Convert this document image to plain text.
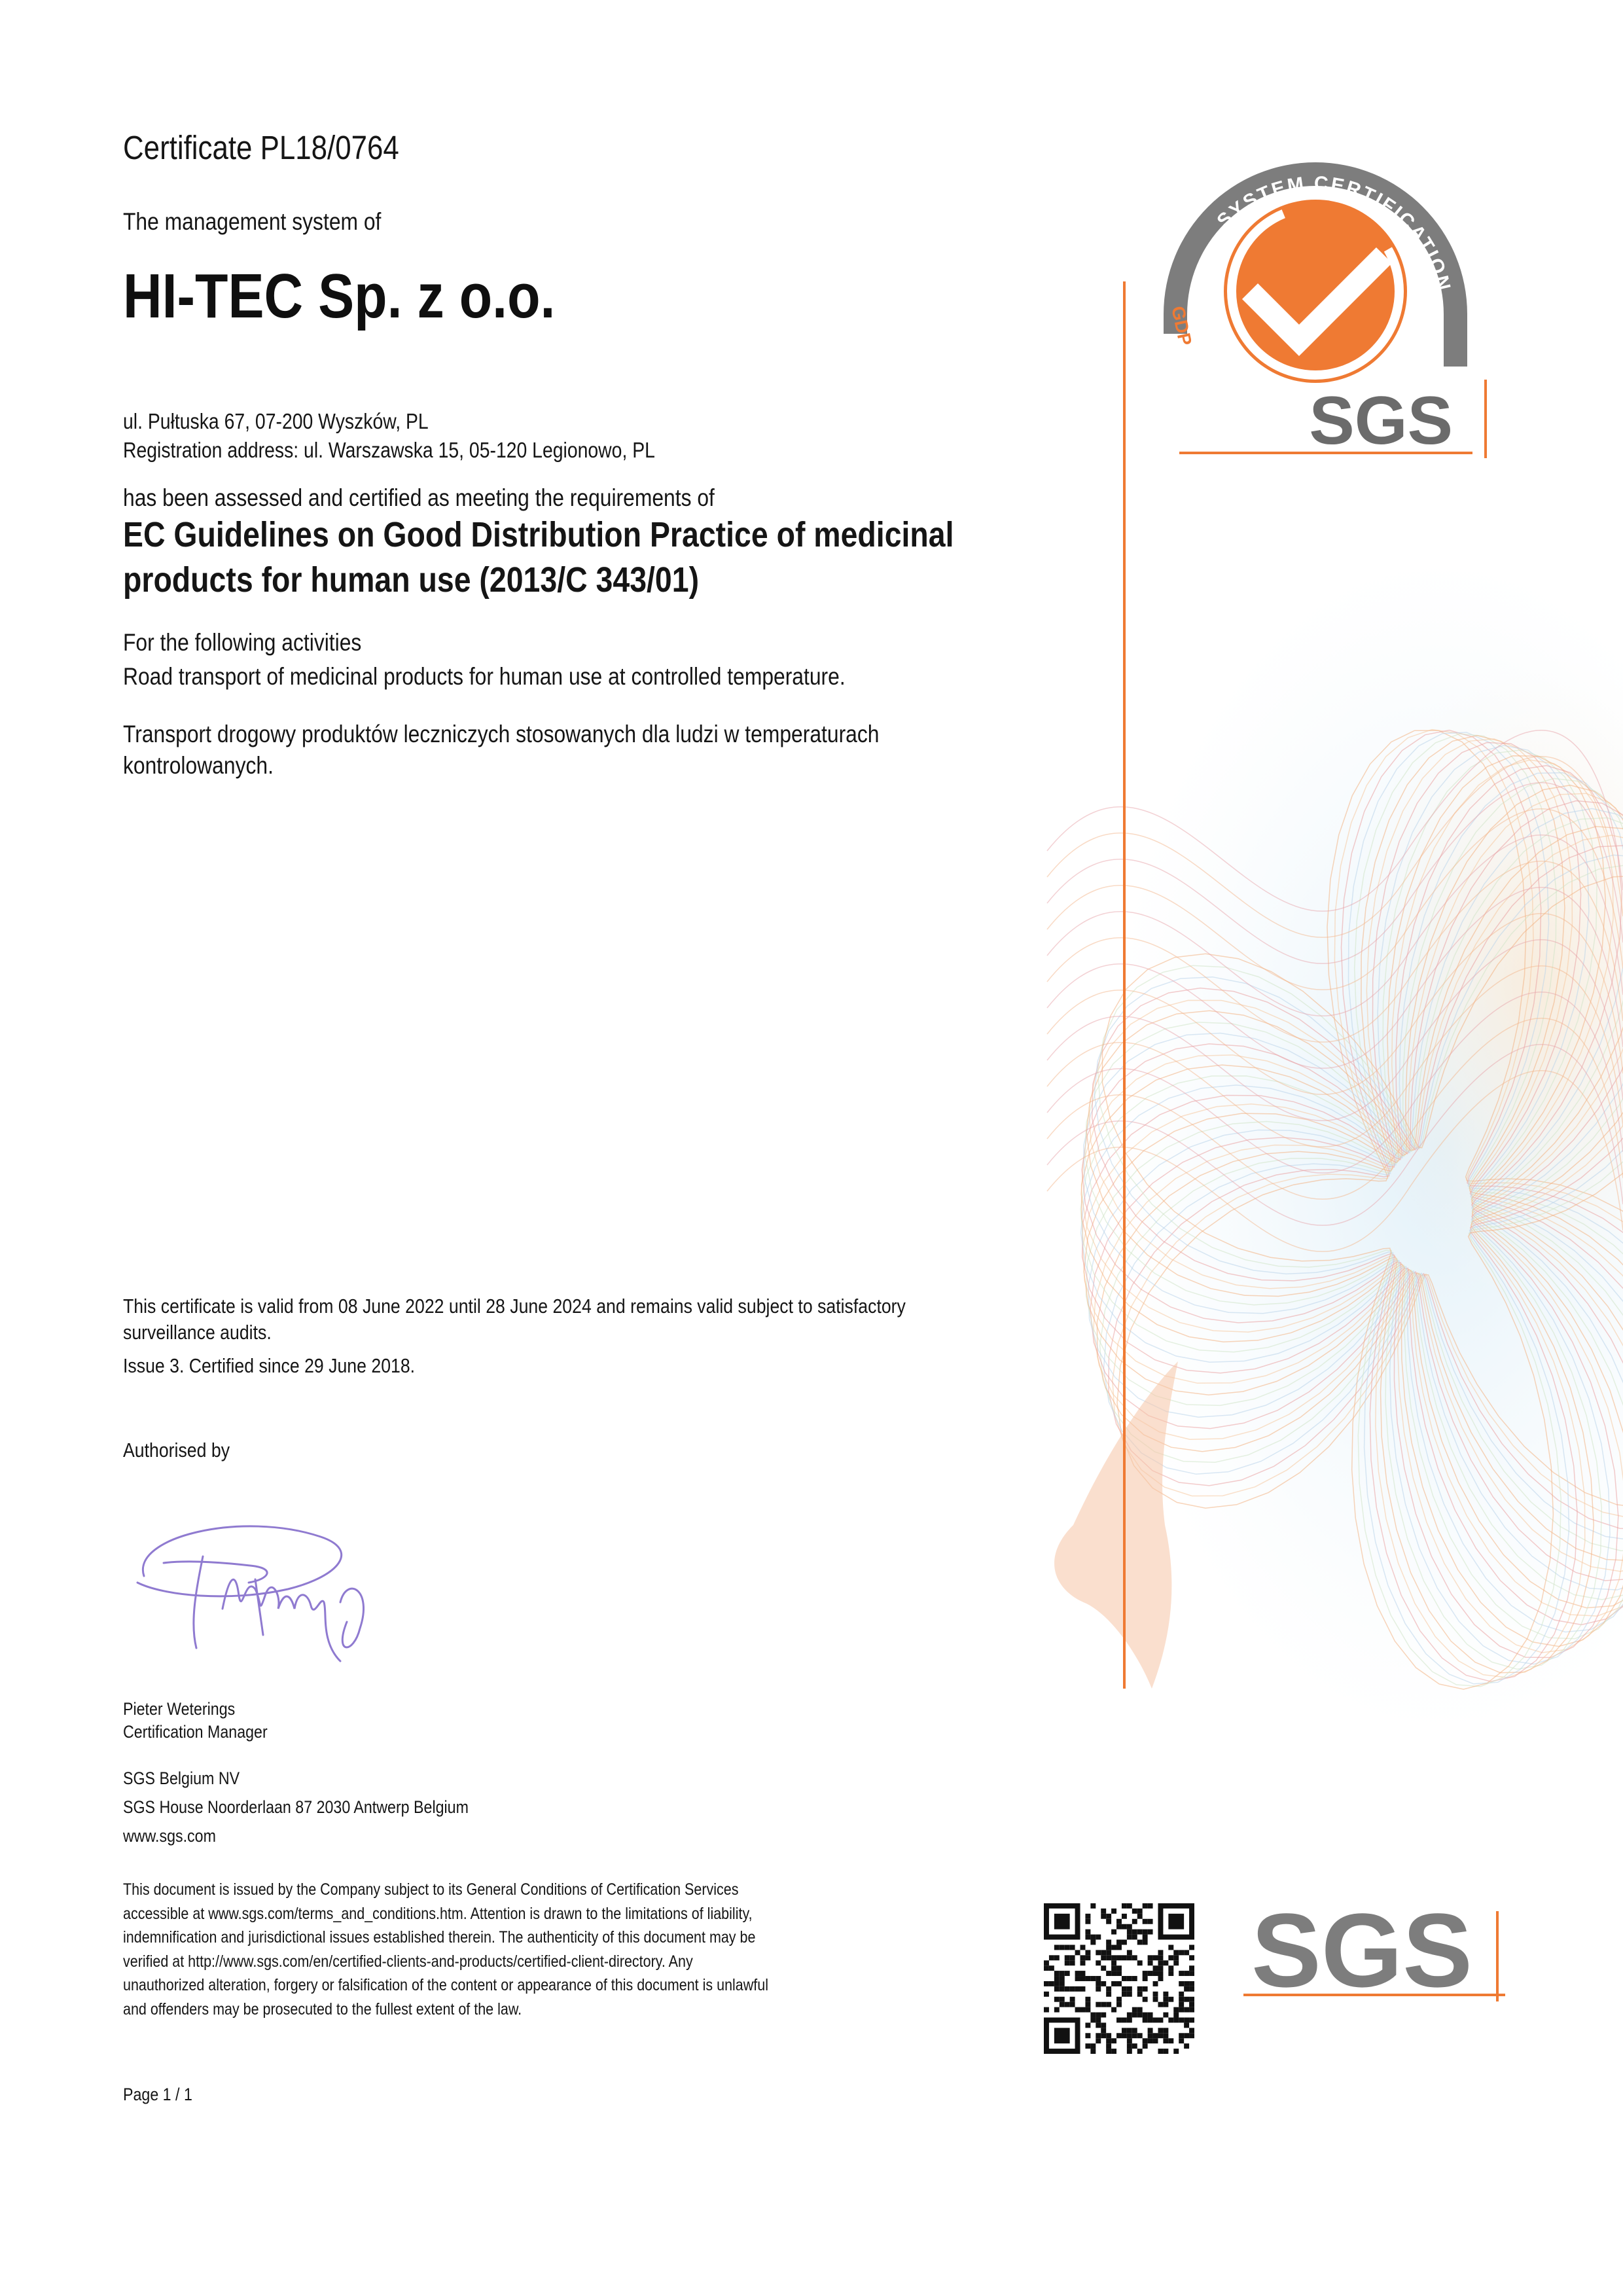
SYSTEM CERTIFICATION
GDP
SGS
Certificate PL18/0764
The management system of
HI-TEC Sp. z o.o.
ul. Pułtuska 67, 07-200 Wyszków, PL
Registration address: ul. Warszawska 15, 05-120 Legionowo, PL
has been assessed and certified as meeting the requirements of
EC Guidelines on Good Distribution Practice of medicinal
products for human use (2013/C 343/01)
For the following activities
Road transport of medicinal products for human use at controlled temperature.
Transport drogowy produktów leczniczych stosowanych dla ludzi w temperaturach
kontrolowanych.
This certificate is valid from 08 June 2022 until 28 June 2024 and remains valid subject to satisfactory
surveillance audits.
Issue 3. Certified since 29 June 2018.
Authorised by
Pieter Weterings
Certification Manager
SGS Belgium NV
SGS House Noorderlaan 87 2030 Antwerp Belgium
www.sgs.com
This document is issued by the Company subject to its General Conditions of Certification Services
accessible at www.sgs.com/terms_and_conditions.htm. Attention is drawn to the limitations of liability,
indemnification and jurisdictional issues established therein. The authenticity of this document may be
verified at http://www.sgs.com/en/certified-clients-and-products/certified-client-directory. Any
unauthorized alteration, forgery or falsification of the content or appearance of this document is unlawful
and offenders may be prosecuted to the fullest extent of the law.
SGS
Page 1 / 1
